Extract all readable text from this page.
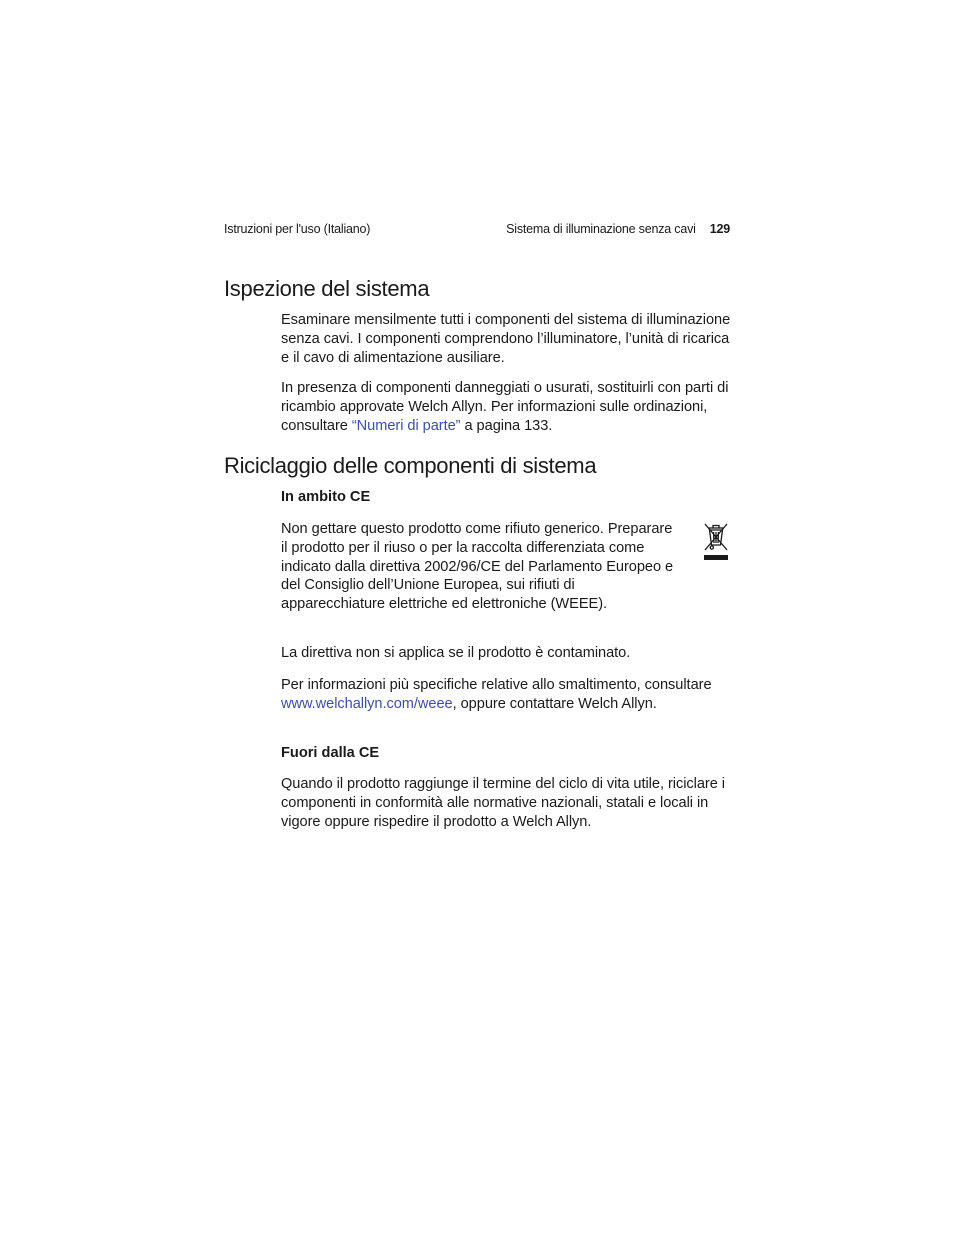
Istruzioni per l'uso (Italiano)	Sistema di illuminazione senza cavi 129
Ispezione del sistema

Esaminare mensilmente tutti i componenti del sistema di illuminazione senza cavi. I componenti comprendono l’illuminatore, l’unità di ricarica e il cavo di alimentazione ausiliare.

In presenza di componenti danneggiati o usurati, sostituirli con parti di ricambio approvate Welch Allyn. Per informazioni sulle ordinazioni, consultare “Numeri di parte” a pagina 133.

Riciclaggio delle componenti di sistema

In ambito CE

Non gettare questo prodotto come rifiuto generico. Preparare il prodotto per il riuso o per la raccolta differenziata come indicato dalla direttiva 2002/96/CE del Parlamento Europeo e del Consiglio dell’Unione Europea, sui rifiuti di apparecchiature elettriche ed elettroniche (WEEE).

La direttiva non si applica se il prodotto è contaminato.

Per informazioni più specifiche relative allo smaltimento, consultare www.welchallyn.com/weee, oppure contattare Welch Allyn.

Fuori dalla CE

Quando il prodotto raggiunge il termine del ciclo di vita utile, riciclare i componenti in conformità alle normative nazionali, statali e locali in vigore oppure rispedire il prodotto a Welch Allyn.
